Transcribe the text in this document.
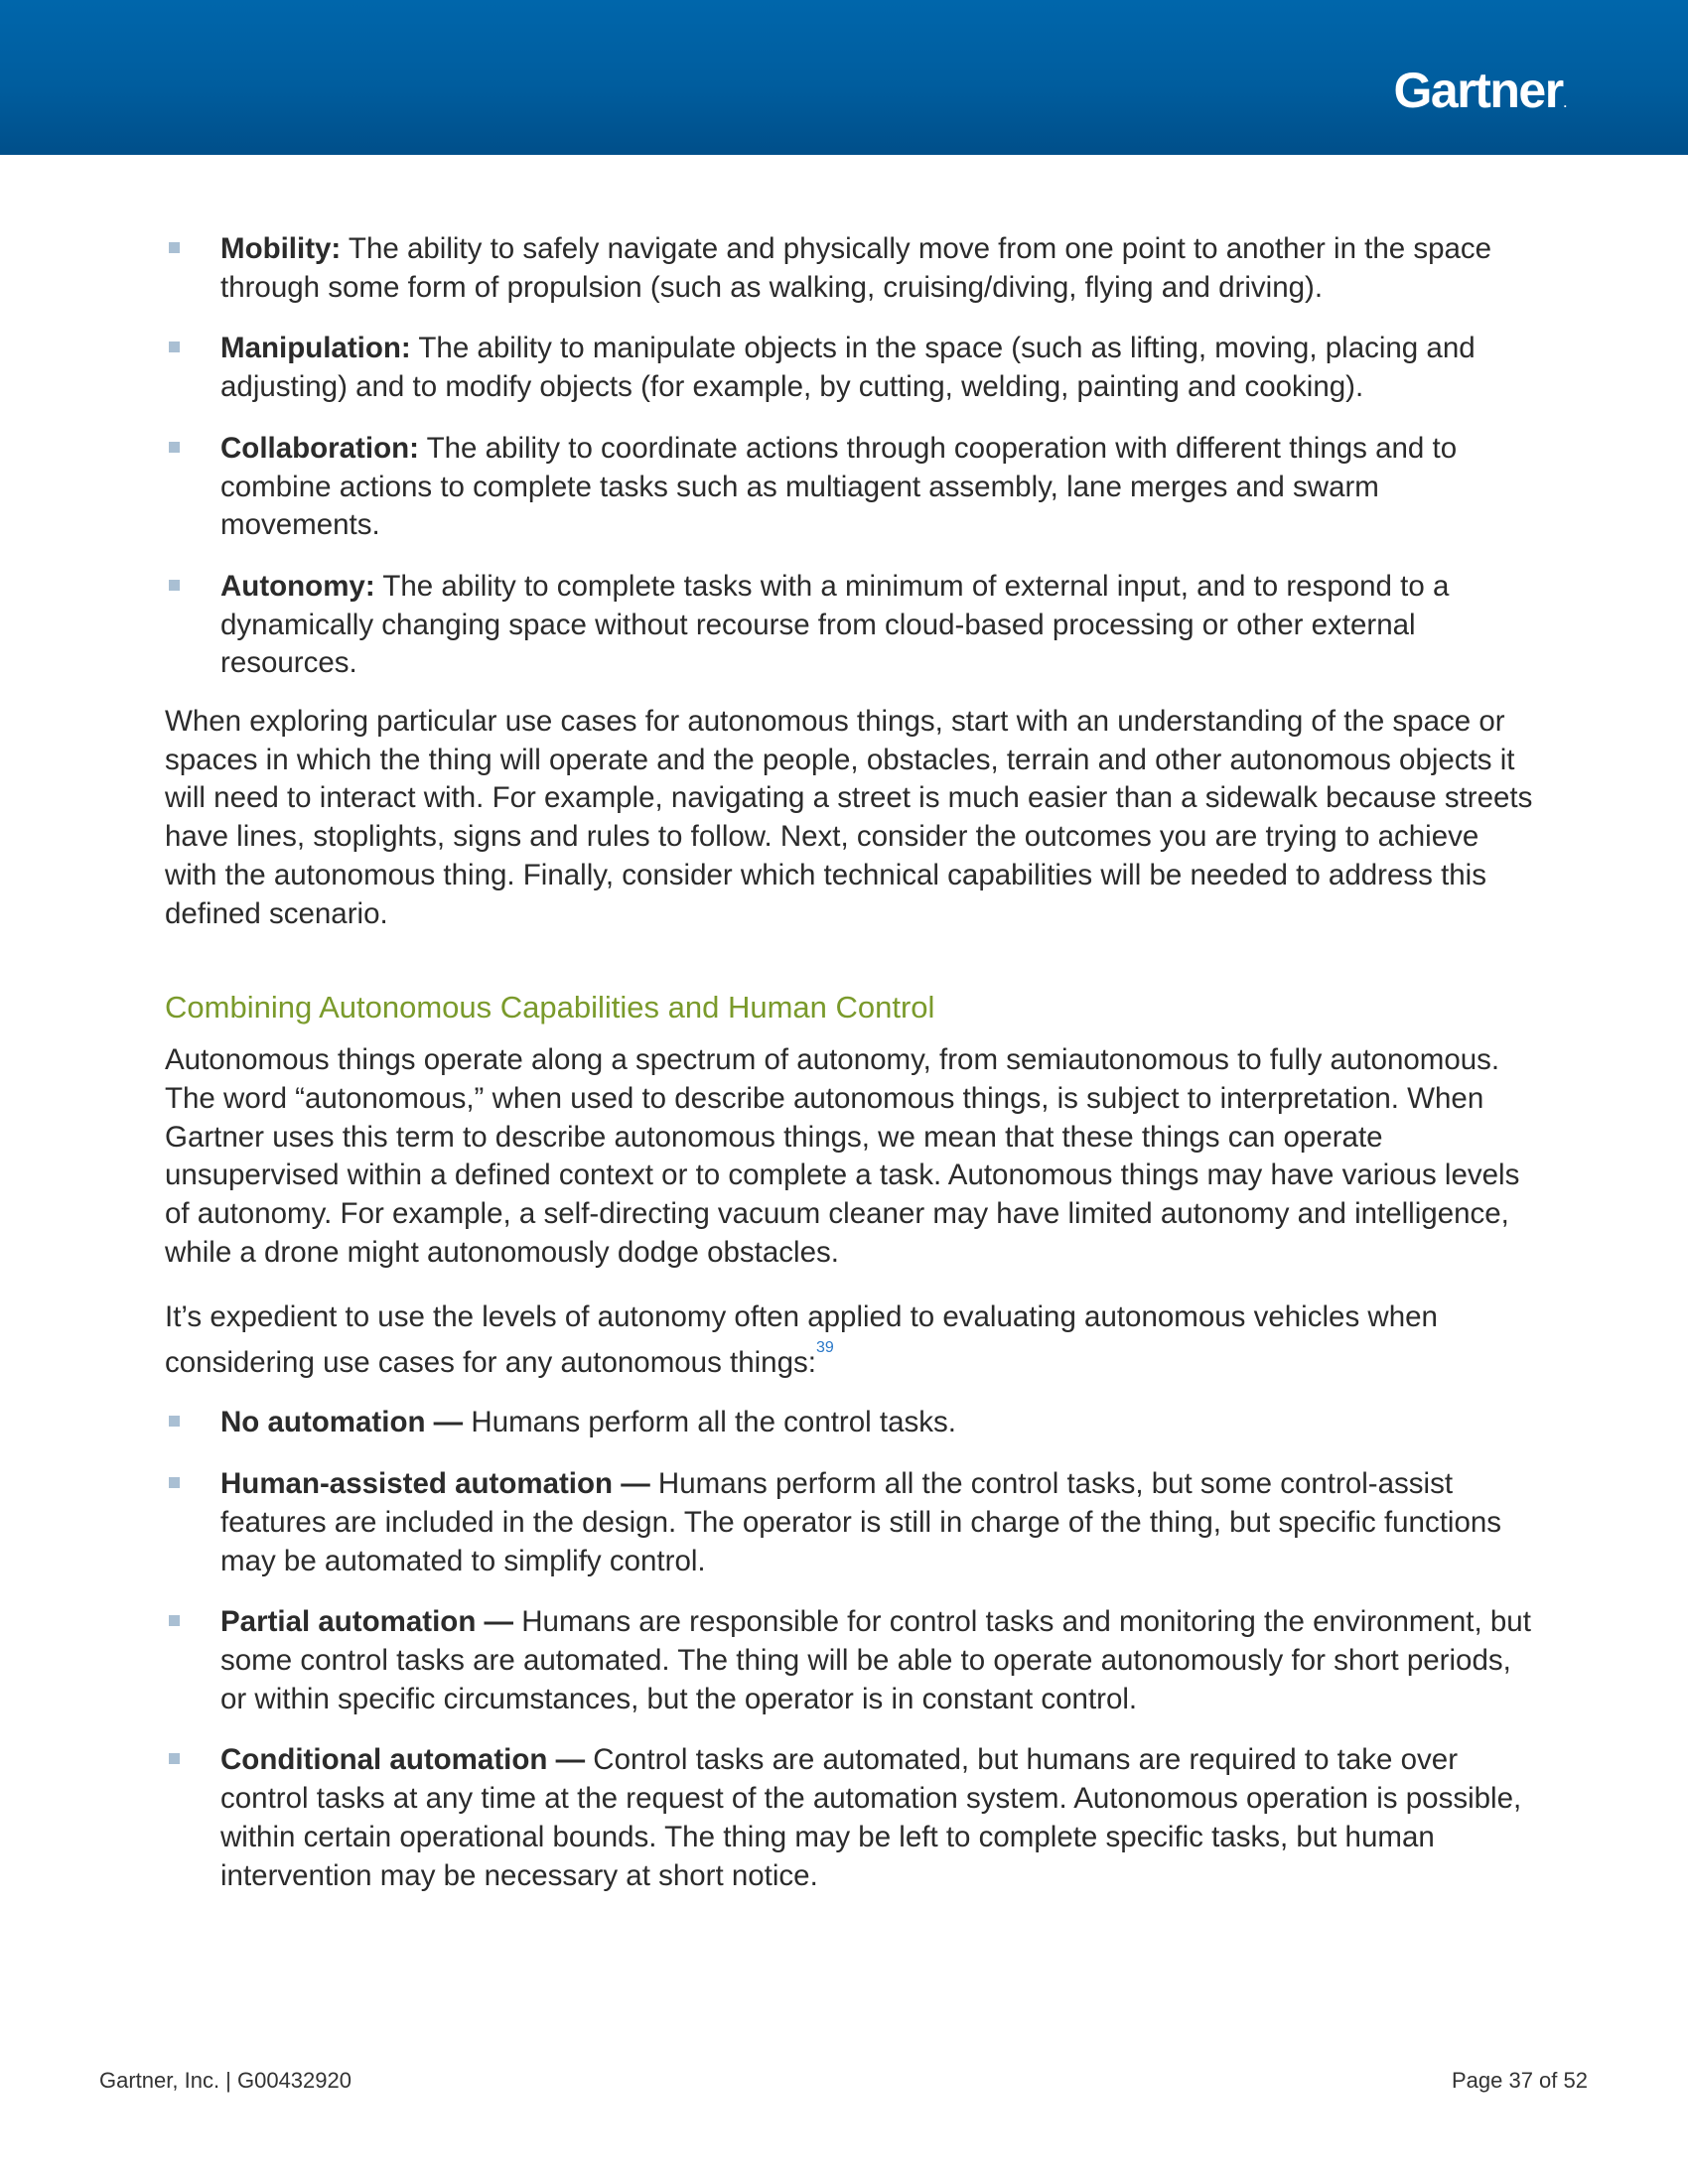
Gartner.
Mobility: The ability to safely navigate and physically move from one point to another in the space through some form of propulsion (such as walking, cruising/diving, flying and driving).
Manipulation: The ability to manipulate objects in the space (such as lifting, moving, placing and adjusting) and to modify objects (for example, by cutting, welding, painting and cooking).
Collaboration: The ability to coordinate actions through cooperation with different things and to combine actions to complete tasks such as multiagent assembly, lane merges and swarm movements.
Autonomy: The ability to complete tasks with a minimum of external input, and to respond to a dynamically changing space without recourse from cloud-based processing or other external resources.

When exploring particular use cases for autonomous things, start with an understanding of the space or spaces in which the thing will operate and the people, obstacles, terrain and other autonomous objects it will need to interact with. For example, navigating a street is much easier than a sidewalk because streets have lines, stoplights, signs and rules to follow. Next, consider the outcomes you are trying to achieve with the autonomous thing. Finally, consider which technical capabilities will be needed to address this defined scenario.

Combining Autonomous Capabilities and Human Control

Autonomous things operate along a spectrum of autonomy, from semiautonomous to fully autonomous. The word “autonomous,” when used to describe autonomous things, is subject to interpretation. When Gartner uses this term to describe autonomous things, we mean that these things can operate unsupervised within a defined context or to complete a task. Autonomous things may have various levels of autonomy. For example, a self-directing vacuum cleaner may have limited autonomy and intelligence, while a drone might autonomously dodge obstacles.

It’s expedient to use the levels of autonomy often applied to evaluating autonomous vehicles when considering use cases for any autonomous things:$^{39}$

No automation — Humans perform all the control tasks.
Human-assisted automation — Humans perform all the control tasks, but some control-assist features are included in the design. The operator is still in charge of the thing, but specific functions may be automated to simplify control.
Partial automation — Humans are responsible for control tasks and monitoring the environment, but some control tasks are automated. The thing will be able to operate autonomously for short periods, or within specific circumstances, but the operator is in constant control.
Conditional automation — Control tasks are automated, but humans are required to take over control tasks at any time at the request of the automation system. Autonomous operation is possible, within certain operational bounds. The thing may be left to complete specific tasks, but human intervention may be necessary at short notice.
Gartner, Inc. | G00432920	Page 37 of 52
